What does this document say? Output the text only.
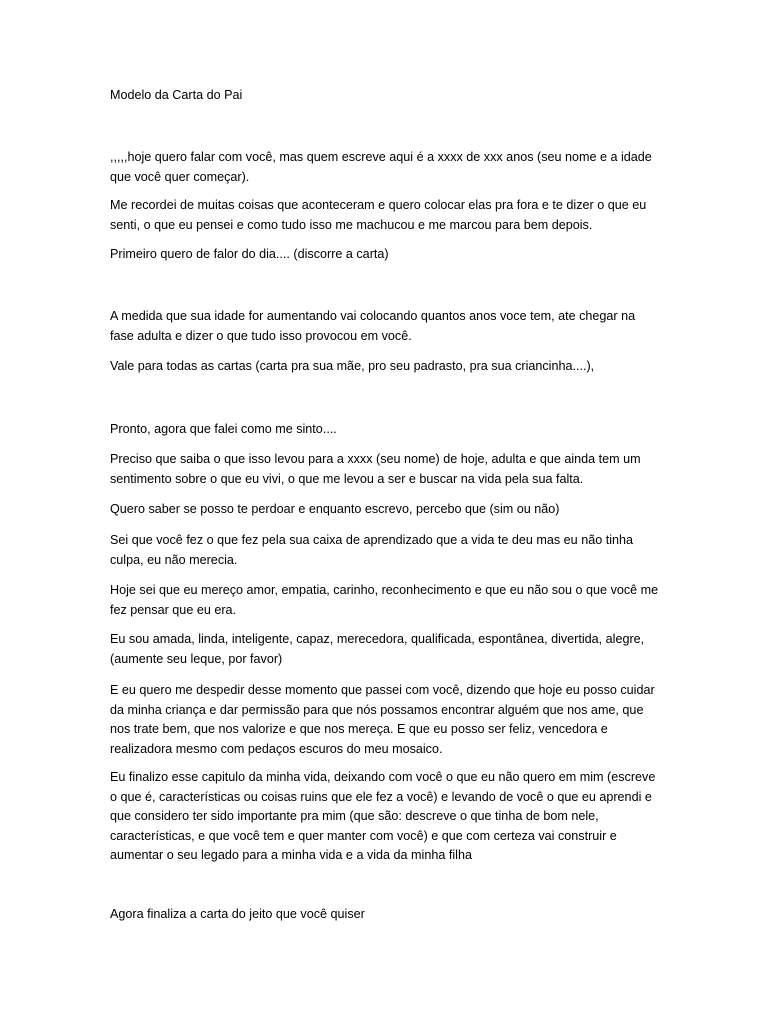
Modelo da Carta do Pai

,,,,,hoje quero falar com você, mas quem escreve aqui é a xxxx de xxx anos (seu nome e a idade que você quer começar).

Me recordei de muitas coisas que aconteceram e quero colocar elas pra fora e te dizer o que eu senti, o que eu pensei e como tudo isso me machucou e me marcou para bem depois.

Primeiro quero de falor do dia.... (discorre a carta)

A medida que sua idade for aumentando vai colocando quantos anos voce tem, ate chegar na fase adulta e dizer o que tudo isso provocou em você.

Vale para todas as cartas (carta pra sua mãe, pro seu padrasto, pra sua criancinha....),

Pronto, agora que falei como me sinto....

Preciso que saiba o que isso levou para a xxxx (seu nome) de hoje, adulta e que ainda tem um sentimento sobre o que eu vivi, o que me levou a ser e buscar na vida pela sua falta.

Quero saber se posso te perdoar e enquanto escrevo, percebo que (sim ou não)

Sei que você fez o que fez pela sua caixa de aprendizado que a vida te deu mas eu não tinha culpa, eu não merecia.

Hoje sei que eu mereço amor, empatia, carinho, reconhecimento e que eu não sou o que você me fez pensar que eu era.

Eu sou amada, linda, inteligente, capaz, merecedora, qualificada, espontânea, divertida, alegre, (aumente seu leque, por favor)

E eu quero me despedir desse momento que passei com você, dizendo que hoje eu posso cuidar da minha criança e dar permissão para que nós possamos encontrar alguém que nos ame, que nos trate bem, que nos valorize e que nos mereça. E que eu posso ser feliz, vencedora e realizadora mesmo com pedaços escuros do meu mosaico.

Eu finalizo esse capitulo da minha vida, deixando com você o que eu não quero em mim (escreve o que é, características ou coisas ruins que ele fez a você) e levando de você o que eu aprendi e que considero ter sido importante pra mim (que são: descreve o que tinha de bom nele, características, e que você tem e quer manter com você) e que com certeza vai construir e aumentar o seu legado para a minha vida e a vida da minha filha

Agora finaliza a carta do jeito que você quiser
